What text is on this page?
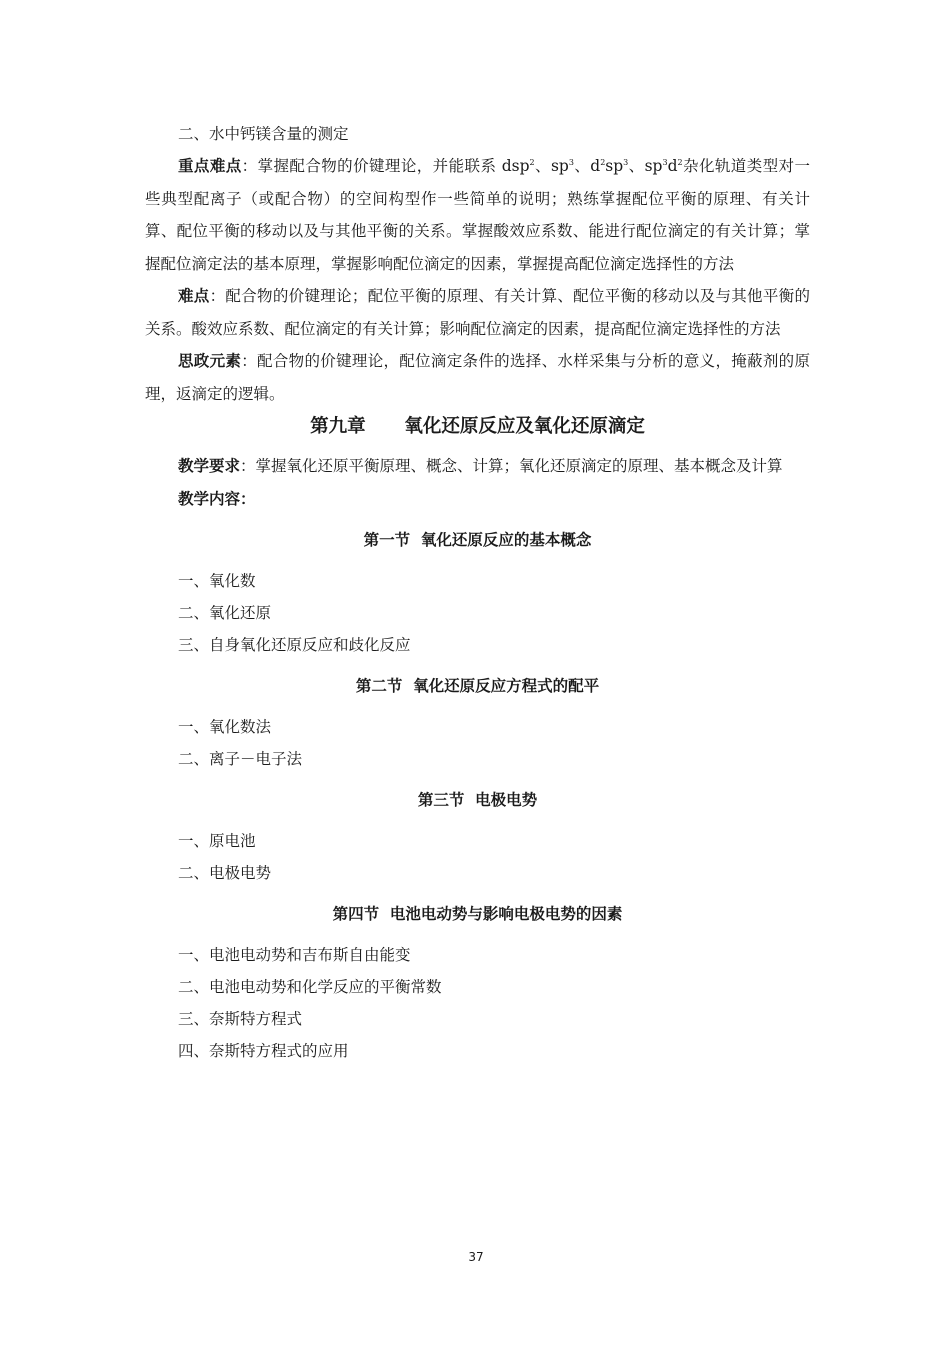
二、水中钙镁含量的测定

重点难点：掌握配合物的价键理论，并能联系 dsp$^2$、$sp^3$、$d^2sp^3$、$sp^3d^2$杂化轨道类型对一些典型配离子（或配合物）的空间构型作一些简单的说明；熟练掌握配位平衡的原理、有关计算、配位平衡的移动以及与其他平衡的关系。掌握酸效应系数、能进行配位滴定的有关计算；掌握配位滴定法的基本原理，掌握影响配位滴定的因素，掌握提高配位滴定选择性的方法

难点：配合物的价键理论；配位平衡的原理、有关计算、配位平衡的移动以及与其他平衡的关系。酸效应系数、配位滴定的有关计算；影响配位滴定的因素，提高配位滴定选择性的方法

思政元素：配合物的价键理论，配位滴定条件的选择、水样采集与分析的意义，掩蔽剂的原理，返滴定的逻辑。

第九章      氧化还原反应及氧化还原滴定

教学要求：掌握氧化还原平衡原理、概念、计算；氧化还原滴定的原理、基本概念及计算

教学内容：

第一节  氧化还原反应的基本概念

一、氧化数

二、氧化还原

三、自身氧化还原反应和歧化反应

第二节  氧化还原反应方程式的配平

一、氧化数法

二、离子－电子法

第三节  电极电势

一、原电池

二、电极电势

第四节  电池电动势与影响电极电势的因素

一、电池电动势和吉布斯自由能变

二、电池电动势和化学反应的平衡常数

三、奈斯特方程式

四、奈斯特方程式的应用

37
